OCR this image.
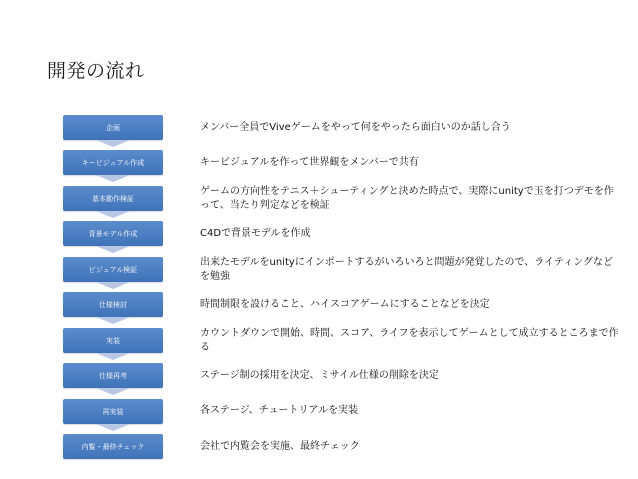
開発の流れ
企画
キービジュアル作成
基本動作検証
背景モデル作成
ビジュアル検証
仕様検討
実装
仕様再考
再実装
内覧・最終チェック
メンバー全員でViveゲームをやって何をやったら面白いのか話し合う
キービジュアルを作って世界観をメンバーで共有
ゲームの方向性をテニス＋シューティングと決めた時点で、実際にunityで玉を打つデモを作って、当たり判定などを検証
C4Dで背景モデルを作成
出来たモデルをunityにインポートするがいろいろと問題が発覚したので、ライティングなどを勉強
時間制限を設けること、ハイスコアゲームにすることなどを決定
カウントダウンで開始、時間、スコア、ライフを表示してゲームとして成立するところまで作る
ステージ制の採用を決定、ミサイル仕様の削除を決定
各ステージ、チュートリアルを実装
会社で内覧会を実施、最終チェック
